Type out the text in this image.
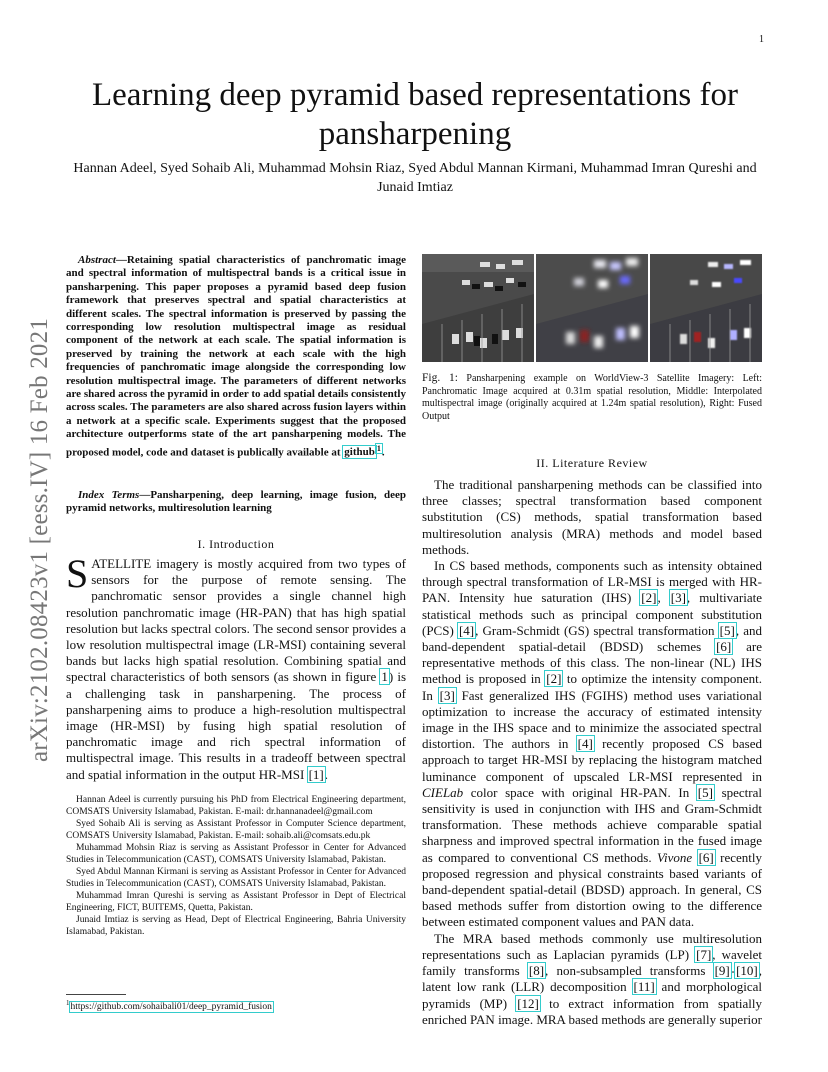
1
arXiv:2102.08423v1 [eess.IV] 16 Feb 2021
Learning deep pyramid based representations for pansharpening
Hannan Adeel, Syed Sohaib Ali, Muhammad Mohsin Riaz, Syed Abdul Mannan Kirmani, Muhammad Imran Qureshi and Junaid Imtiaz
Abstract—Retaining spatial characteristics of panchromatic image and spectral information of multispectral bands is a critical issue in pansharpening. This paper proposes a pyramid based deep fusion framework that preserves spectral and spatial characteristics at different scales. The spectral information is preserved by passing the corresponding low resolution multispectral image as residual component of the network at each scale. The spatial information is preserved by training the network at each scale with the high frequencies of panchromatic image alongside the corresponding low resolution multispectral image. The parameters of different networks are shared across the pyramid in order to add spatial details consistently across scales. The parameters are also shared across fusion layers within a network at a specific scale. Experiments suggest that the proposed architecture outperforms state of the art pansharpening models. The proposed model, code and dataset is publically available at github $^1$.
Index Terms—Pansharpening, deep learning, image fusion, deep pyramid networks, multiresolution learning
I. Introduction
SATELLITE imagery is mostly acquired from two types of sensors for the purpose of remote sensing. The panchromatic sensor provides a single channel high resolution panchromatic image (HR-PAN) that has high spatial resolution but lacks spectral colors. The second sensor provides a low resolution multispectral image (LR-MSI) containing several bands but lacks high spatial resolution. Combining spatial and spectral characteristics of both sensors (as shown in figure 1) is a challenging task in pansharpening. The process of pansharpening aims to produce a high-resolution multispectral image (HR-MSI) by fusing high spatial resolution of panchromatic image and rich spectral information of multispectral image. This results in a tradeoff between spectral and spatial information in the output HR-MSI [1].

Hannan Adeel is currently pursuing his PhD from Electrical Engineering department, COMSATS University Islamabad, Pakistan. E-mail: dr.hannanadeel@gmail.com

Syed Sohaib Ali is serving as Assistant Professor in Computer Science department, COMSATS University Islamabad, Pakistan. E-mail: sohaib.ali@comsats.edu.pk

Muhammad Mohsin Riaz is serving as Assistant Professor in Center for Advanced Studies in Telecommunication (CAST), COMSATS University Islamabad, Pakistan.

Syed Abdul Mannan Kirmani is serving as Assistant Professor in Center for Advanced Studies in Telecommunication (CAST), COMSATS University Islamabad, Pakistan.

Muhammad Imran Qureshi is serving as Assistant Professor in Dept of Electrical Engineering, FICT, BUITEMS, Quetta, Pakistan.

Junaid Imtiaz is serving as Head, Dept of Electrical Engineering, Bahria University Islamabad, Pakistan.

$^1$https://github.com/sohaibali01/deep_pyramid_fusion
Fig. 1: Pansharpening example on WorldView-3 Satellite Imagery: Left: Panchromatic Image acquired at 0.31m spatial resolution, Middle: Interpolated multispectral image (originally acquired at 1.24m spatial resolution), Right: Fused Output
II. Literature Review

The traditional pansharpening methods can be classified into three classes; spectral transformation based component substitution (CS) methods, spatial transformation based multiresolution analysis (MRA) methods and model based methods.

In CS based methods, components such as intensity obtained through spectral transformation of LR-MSI is merged with HR-PAN. Intensity hue saturation (IHS) [2], [3], multivariate statistical methods such as principal component substitution (PCS) [4], Gram-Schmidt (GS) spectral transformation [5], and band-dependent spatial-detail (BDSD) schemes [6] are representative methods of this class. The non-linear (NL) IHS method is proposed in [2] to optimize the intensity component. In [3] Fast generalized IHS (FGIHS) method uses variational optimization to increase the accuracy of estimated intensity image in the IHS space and to minimize the associated spectral distortion. The authors in [4] recently proposed CS based approach to target HR-MSI by replacing the histogram matched luminance component of upscaled LR-MSI represented in CIELab color space with original HR-PAN. In [5] spectral sensitivity is used in conjunction with IHS and Gram-Schmidt transformation. These methods achieve comparable spatial sharpness and improved spectral information in the fused image as compared to conventional CS methods. Vivone [6] recently proposed regression and physical constraints based variants of band-dependent spatial-detail (BDSD) approach. In general, CS based methods suffer from distortion owing to the difference between estimated component values and PAN data.

The MRA based methods commonly use multiresolution representations such as Laplacian pyramids (LP) [7], wavelet family transforms [8], non-subsampled transforms [9]-[10], latent low rank (LLR) decomposition [11] and morphological pyramids (MP) [12] to extract information from spatially enriched PAN image. MRA based methods are generally superior
